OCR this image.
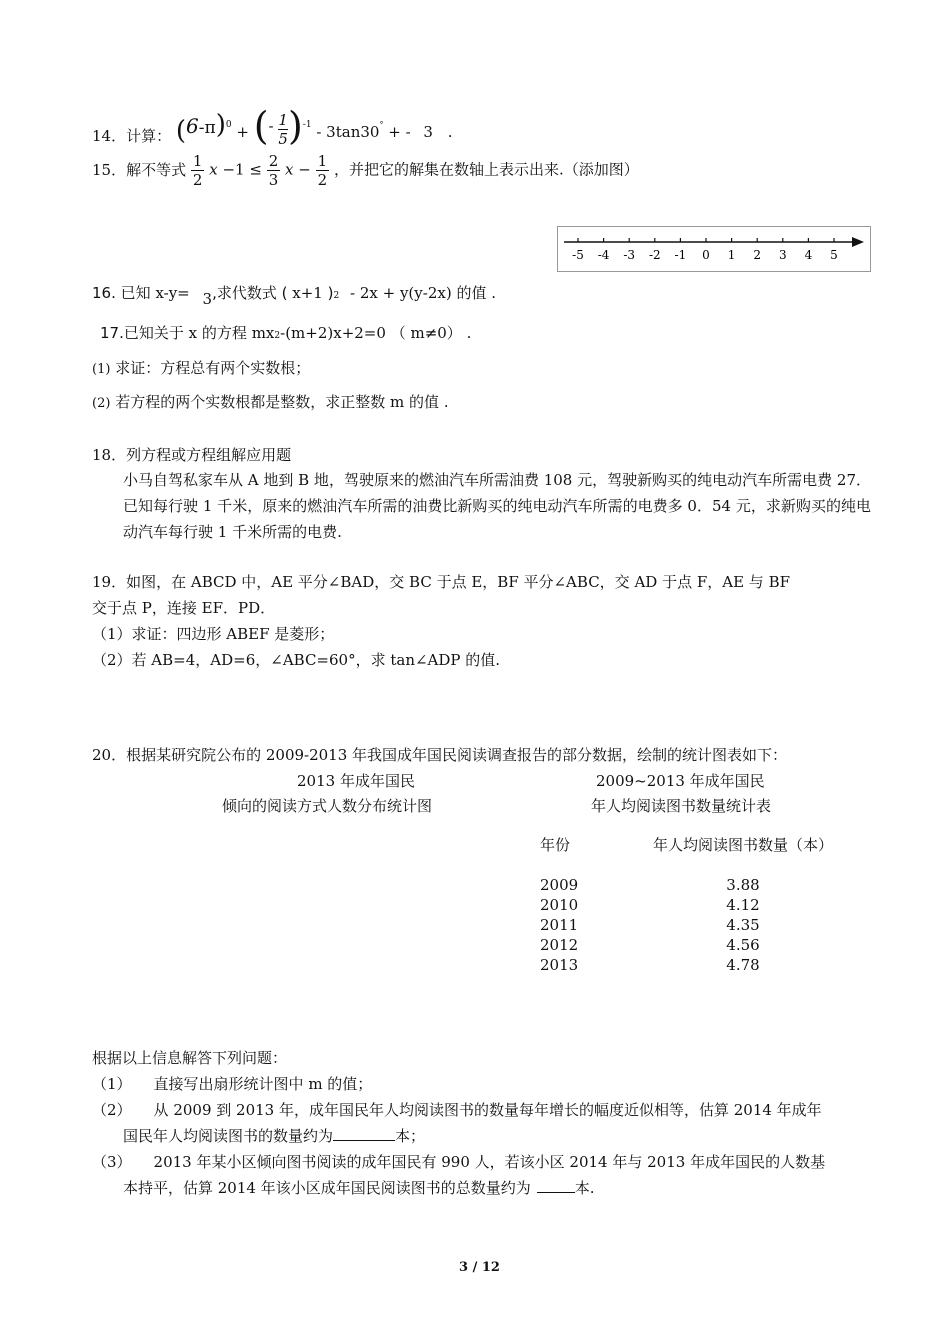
14．计算： $(6-\pi)^0$ + (- $\frac{1}{5} )^{-1} - 3\tan 30^\circ$ + - 3 .
15．解不等式 $\frac{1}{2}$ $x -1 \le \frac{2}{3}$ $x - \frac{1}{2}$ ，并把它的解集在数轴上表示出来.（添加图）
-5 -4 -3 -2 -1 0 1 2 3 4 5
16. 已知 x-y= 3,求代数式 ( x+1 )2 - 2x + y(y-2x) 的值 .
17.已知关于 x 的方程 mx2-(m+2)x+2=0 （ m≠0） .
(1) 求证：方程总有两个实数根；
(2) 若方程的两个实数根都是整数，求正整数 m 的值 .
18．列方程或方程组解应用题
小马自驾私家车从 A 地到 B 地，驾驶原来的燃油汽车所需油费 108 元，驾驶新购买的纯电动汽车所需电费 27．已知每行驶 1 千米，原来的燃油汽车所需的油费比新购买的纯电动汽车所需的电费多 0．54 元，求新购买的纯电动汽车每行驶 1 千米所需的电费.
19．如图，在 ABCD 中，AE 平分∠BAD，交 BC 于点 E，BF 平分∠ABC，交 AD 于点 F，AE 与 BF
交于点 P，连接 EF．PD．
（1）求证：四边形 ABEF 是菱形；
（2）若 AB=4，AD=6，∠ABC=60°，求 tan∠ADP 的值.
20．根据某研究院公布的 2009-2013 年我国成年国民阅读调查报告的部分数据，绘制的统计图表如下：
2013 年成年国民
倾向的阅读方式人数分布统计图
2009~2013 年成年国民
年人均阅读图书数量统计表
年份	年人均阅读图书数量（本）

2009	3.88
2010	4.12
2011	4.35
2012	4.56
2013	4.78
根据以上信息解答下列问题：
（1） 直接写出扇形统计图中 m 的值；
（2） 从 2009 到 2013 年，成年国民年人均阅读图书的数量每年增长的幅度近似相等，估算 2014 年成年
国民年人均阅读图书的数量约为	本；
（3） 2013 年某小区倾向图书阅读的成年国民有 990 人，若该小区 2014 年与 2013 年成年国民的人数基
本持平，估算 2014 年该小区成年国民阅读图书的总数量约为	本.
3 / 12
